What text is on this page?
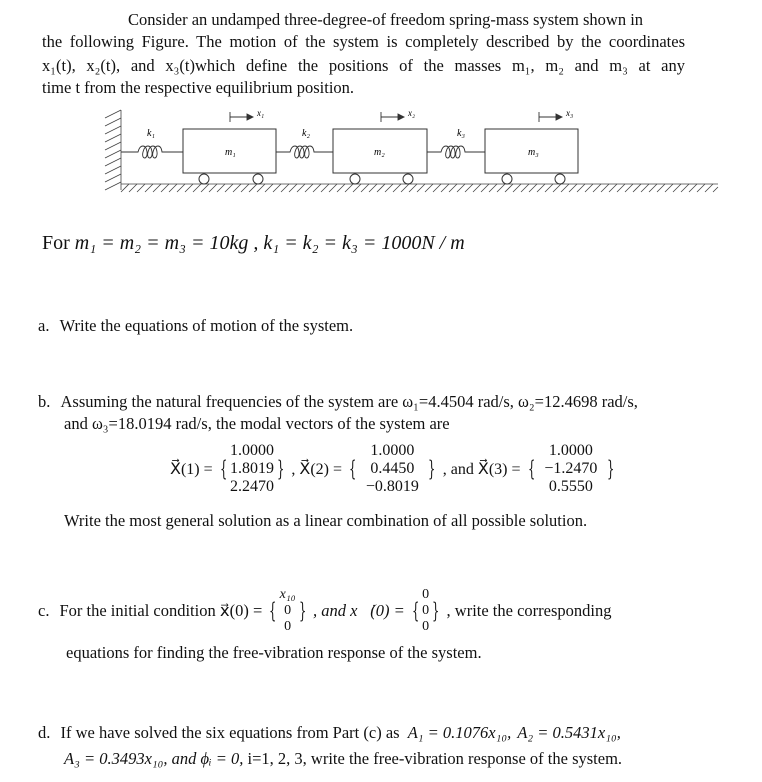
Consider an undamped three-degree-of freedom spring-mass system shown in
the following Figure. The motion of the system is completely described by the coordinates
x₁(t), x₂(t), and x₃(t)which define the positions of the masses m₁, m₂ and m₃ at any
time t from the respective equilibrium position.
m₁	m₂	m₃
k₁	k₂	k₃
x₁	x₂	x₃
For m₁ = m₂ = m₃ = 10kg , k₁ = k₂ = k₃ = 1000N / m
a. Write the equations of motion of the system.
b. Assuming the natural frequencies of the system are ω₁=4.4504 rad/s, ω₂=12.4698 rad/s,
and ω₃=18.0194 rad/s, the modal vectors of the system are
X⃗(1) = {
1.0000
1.8019
2.2470
} , X⃗(2) = {
1.0000
0.4450
−0.8019
} , and X⃗(3) = {
1.0000
−1.2470
0.5550
}
Write the most general solution as a linear combination of all possible solution.
c. For the initial condition x⃗(0) = {
x₁₀
0
0
} , and x⃗̇(0) = {
0
0
0
} , write the corresponding
equations for finding the free-vibration response of the system.
d. If we have solved the six equations from Part (c) as A₁ = 0.1076x₁₀, A₂ = 0.5431x₁₀,
A₃ = 0.3493x₁₀, and ϕᵢ = 0, i=1, 2, 3, write the free-vibration response of the system.
